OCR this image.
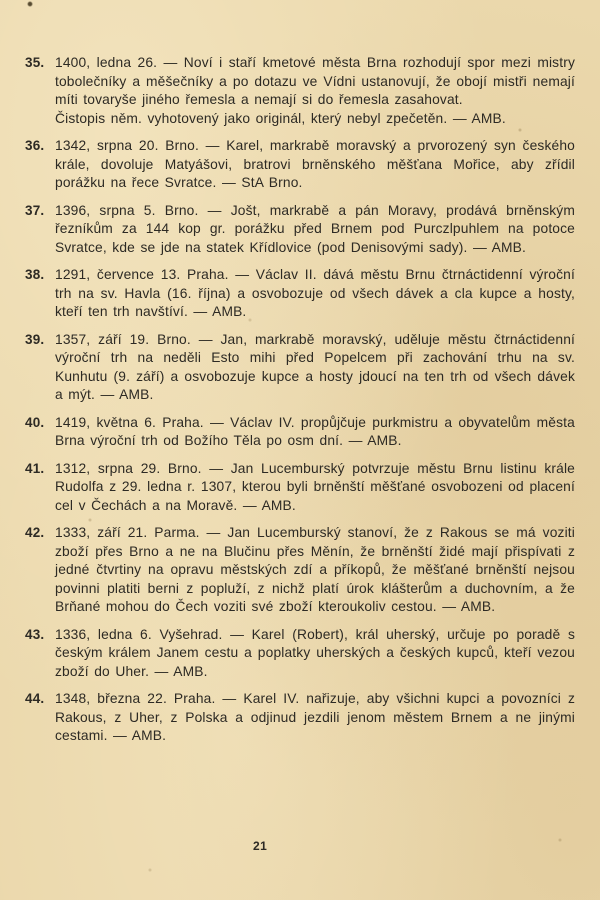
35. 1400, ledna 26. — Noví i staří kmetové města Brna rozhodují spor mezi mistry tobolečníky a měšečníky a po dotazu ve Vídni ustanovují, že obojí mistři nemají míti tovaryše jiného řemesla a nemají si do řemesla zasahovat.

Čistopis něm. vyhotovený jako originál, který nebyl zpečetěn. — AMB.

36. 1342, srpna 20. Brno. — Karel, markrabě moravský a prvorozený syn českého krále, dovoluje Matyášovi, bratrovi brněnského měšťana Mořice, aby zřídil porážku na řece Svratce. — StA Brno.

37. 1396, srpna 5. Brno. — Jošt, markrabě a pán Moravy, prodává brněnským řezníkům za 144 kop gr. porážku před Brnem pod Purczlpuhlem na potoce Svratce, kde se jde na statek Křídlovice (pod Denisovými sady). — AMB.

38. 1291, července 13. Praha. — Václav II. dává městu Brnu čtrnáctidenní výroční trh na sv. Havla (16. října) a osvobozuje od všech dávek a cla kupce a hosty, kteří ten trh navštíví. — AMB.

39. 1357, září 19. Brno. — Jan, markrabě moravský, uděluje městu čtrnáctidenní výroční trh na neděli Esto mihi před Popelcem při zachování trhu na sv. Kunhutu (9. září) a osvobozuje kupce a hosty jdoucí na ten trh od všech dávek a mýt. — AMB.

40. 1419, května 6. Praha. — Václav IV. propůjčuje purkmistru a obyvatelům města Brna výroční trh od Božího Těla po osm dní. — AMB.

41. 1312, srpna 29. Brno. — Jan Lucemburský potvrzuje městu Brnu listinu krále Rudolfa z 29. ledna r. 1307, kterou byli brněnští měšťané osvobozeni od placení cel v Čechách a na Moravě. — AMB.

42. 1333, září 21. Parma. — Jan Lucemburský stanoví, že z Rakous se má voziti zboží přes Brno a ne na Blučinu přes Měnín, že brněnští židé mají přispívati z jedné čtvrtiny na opravu městských zdí a příkopů, že měšťané brněnští nejsou povinni platiti berni z popluží, z nichž platí úrok klášterům a duchovním, a že Brňané mohou do Čech voziti své zboží kteroukoliv cestou. — AMB.

43. 1336, ledna 6. Vyšehrad. — Karel (Robert), král uherský, určuje po poradě s českým králem Janem cestu a poplatky uherských a českých kupců, kteří vezou zboží do Uher. — AMB.

44. 1348, března 22. Praha. — Karel IV. nařizuje, aby všichni kupci a povozníci z Rakous, z Uher, z Polska a odjinud jezdili jenom městem Brnem a ne jinými cestami. — AMB.

21
